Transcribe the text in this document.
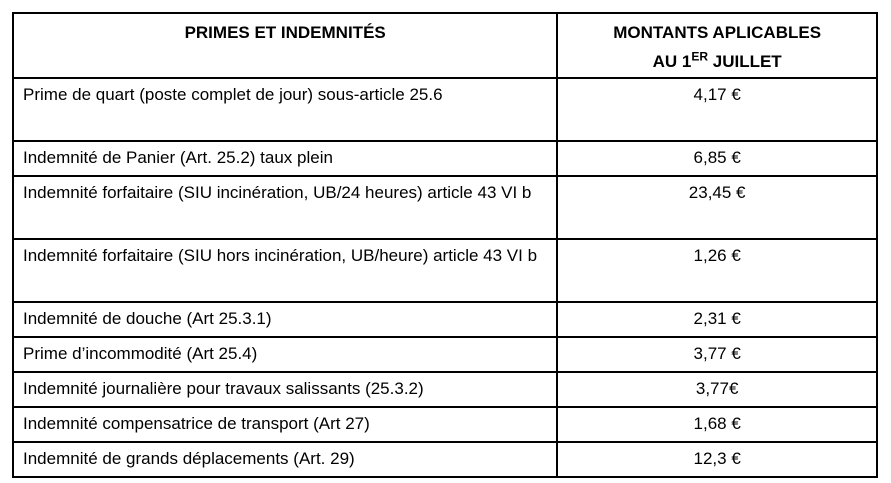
PRIMES ET INDEMNITÉS	MONTANTS APLICABLES
AU 1ER JUILLET
Prime de quart (poste complet de jour) sous-article 25.6	4,17 €
Indemnité de Panier (Art. 25.2) taux plein	6,85 €
Indemnité forfaitaire (SIU incinération, UB/24 heures) article 43 VI b	23,45 €
Indemnité forfaitaire (SIU hors incinération, UB/heure) article 43 VI b	1,26 €
Indemnité de douche (Art 25.3.1)	2,31 €
Prime d’incommodité (Art 25.4)	3,77 €
Indemnité journalière pour travaux salissants (25.3.2)	3,77€
Indemnité compensatrice de transport (Art 27)	1,68 €
Indemnité de grands déplacements (Art. 29)	12,3 €
